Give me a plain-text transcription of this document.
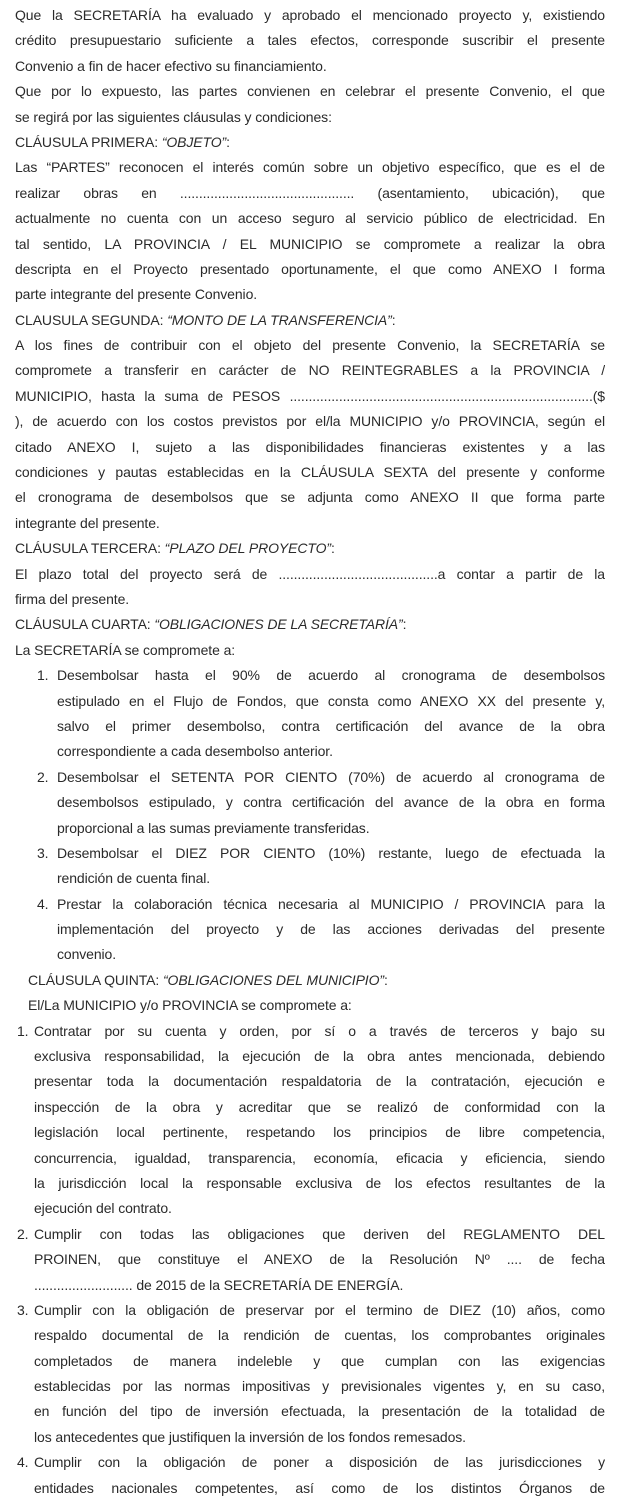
Que la SECRETARÍA ha evaluado y aprobado el mencionado proyecto y, existiendo
crédito presupuestario suficiente a tales efectos, corresponde suscribir el presente
Convenio a fin de hacer efectivo su financiamiento.
Que por lo expuesto, las partes convienen en celebrar el presente Convenio, el que
se regirá por las siguientes cláusulas y condiciones:
CLÁUSULA PRIMERA: “OBJETO”:
Las “PARTES” reconocen el interés común sobre un objetivo específico, que es el de
realizar obras en .............................................. (asentamiento, ubicación), que
actualmente no cuenta con un acceso seguro al servicio público de electricidad. En
tal sentido, LA PROVINCIA / EL MUNICIPIO se compromete a realizar la obra
descripta en el Proyecto presentado oportunamente, el que como ANEXO I forma
parte integrante del presente Convenio.
CLAUSULA SEGUNDA: “MONTO DE LA TRANSFERENCIA”:
A los fines de contribuir con el objeto del presente Convenio, la SECRETARÍA se
compromete a transferir en carácter de NO REINTEGRABLES a la PROVINCIA /
MUNICIPIO, hasta la suma de PESOS ................................................................................($
), de acuerdo con los costos previstos por el/la MUNICIPIO y/o PROVINCIA, según el
citado ANEXO I, sujeto a las disponibilidades financieras existentes y a las
condiciones y pautas establecidas en la CLÁUSULA SEXTA del presente y conforme
el cronograma de desembolsos que se adjunta como ANEXO II que forma parte
integrante del presente.
CLÁUSULA TERCERA: “PLAZO DEL PROYECTO”:
El plazo total del proyecto será de ..........................................a contar a partir de la
firma del presente.
CLÁUSULA CUARTA: “OBLIGACIONES DE LA SECRETARÍA”:
La SECRETARÍA se compromete a:
1. Desembolsar hasta el 90% de acuerdo al cronograma de desembolsos
estipulado en el Flujo de Fondos, que consta como ANEXO XX del presente y,
salvo el primer desembolso, contra certificación del avance de la obra
correspondiente a cada desembolso anterior.
2. Desembolsar el SETENTA POR CIENTO (70%) de acuerdo al cronograma de
desembolsos estipulado, y contra certificación del avance de la obra en forma
proporcional a las sumas previamente transferidas.
3. Desembolsar el DIEZ POR CIENTO (10%) restante, luego de efectuada la
rendición de cuenta final.
4. Prestar la colaboración técnica necesaria al MUNICIPIO / PROVINCIA para la
implementación del proyecto y de las acciones derivadas del presente
convenio.
CLÁUSULA QUINTA: “OBLIGACIONES DEL MUNICIPIO”:
El/La MUNICIPIO y/o PROVINCIA se compromete a:
1. Contratar por su cuenta y orden, por sí o a través de terceros y bajo su
exclusiva responsabilidad, la ejecución de la obra antes mencionada, debiendo
presentar toda la documentación respaldatoria de la contratación, ejecución e
inspección de la obra y acreditar que se realizó de conformidad con la
legislación local pertinente, respetando los principios de libre competencia,
concurrencia, igualdad, transparencia, economía, eficacia y eficiencia, siendo
la jurisdicción local la responsable exclusiva de los efectos resultantes de la
ejecución del contrato.
2. Cumplir con todas las obligaciones que deriven del REGLAMENTO DEL
PROINEN, que constituye el ANEXO de la Resolución Nº .... de fecha
.......................... de 2015 de la SECRETARÍA DE ENERGÍA.
3. Cumplir con la obligación de preservar por el termino de DIEZ (10) años, como
respaldo documental de la rendición de cuentas, los comprobantes originales
completados de manera indeleble y que cumplan con las exigencias
establecidas por las normas impositivas y previsionales vigentes y, en su caso,
en función del tipo de inversión efectuada, la presentación de la totalidad de
los antecedentes que justifiquen la inversión de los fondos remesados.
4. Cumplir con la obligación de poner a disposición de las jurisdicciones y
entidades nacionales competentes, así como de los distintos Órganos de
